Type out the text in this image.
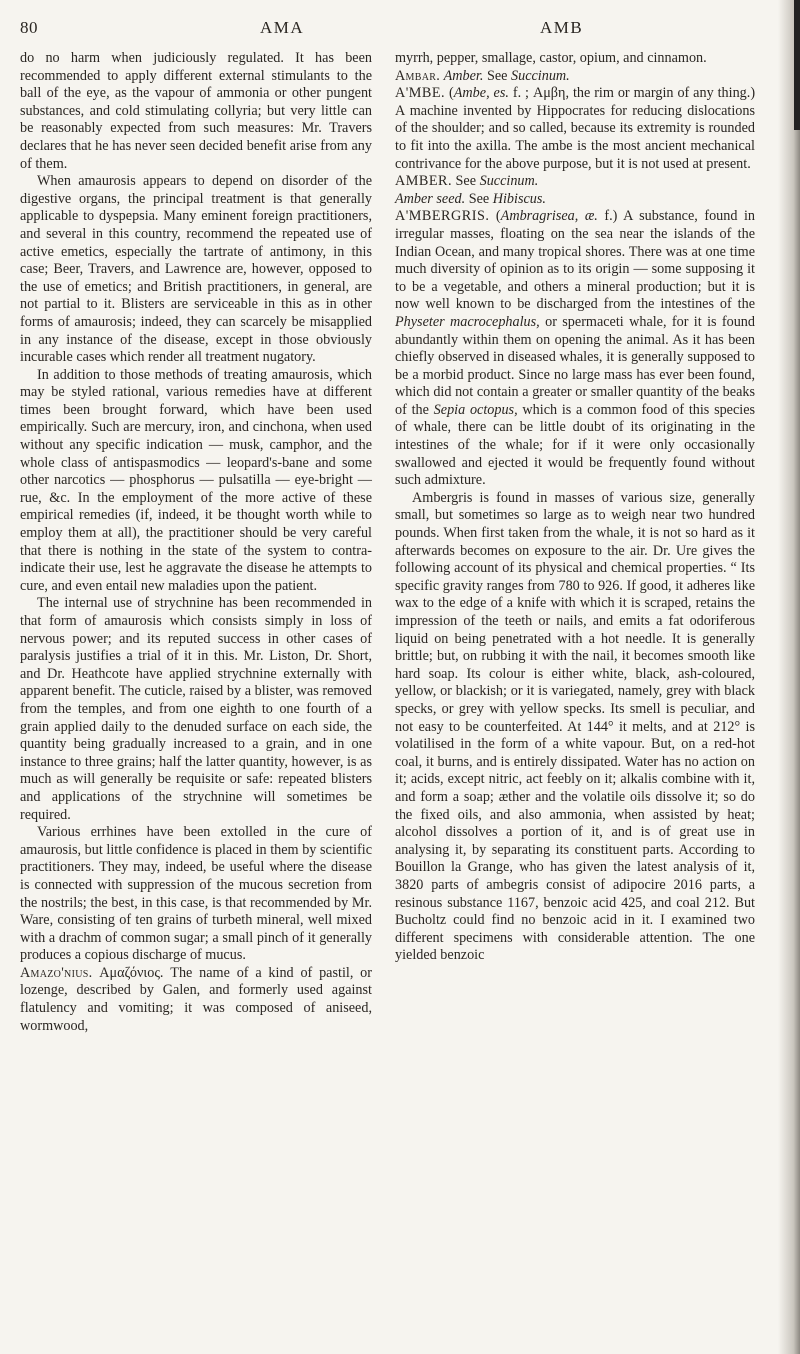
80	AMA	AMB

do no harm when judiciously regulated. It has been recommended to apply different external stimulants to the ball of the eye, as the vapour of ammonia or other pungent substances, and cold stimulating collyria; but very little can be reasonably expected from such measures: Mr. Travers declares that he has never seen decided benefit arise from any of them.

When amaurosis appears to depend on disorder of the digestive organs, the principal treatment is that generally applicable to dyspepsia. Many eminent foreign practitioners, and several in this country, recommend the repeated use of active emetics, especially the tartrate of antimony, in this case; Beer, Travers, and Lawrence are, however, opposed to the use of emetics; and British practitioners, in general, are not partial to it. Blisters are serviceable in this as in other forms of amaurosis; indeed, they can scarcely be misapplied in any instance of the disease, except in those obviously incurable cases which render all treatment nugatory.

In addition to those methods of treating amaurosis, which may be styled rational, various remedies have at different times been brought forward, which have been used empirically. Such are mercury, iron, and cinchona, when used without any specific indication — musk, camphor, and the whole class of antispasmodics — leopard's-bane and some other narcotics — phosphorus — pulsatilla — eye-bright — rue, &c. In the employment of the more active of these empirical remedies (if, indeed, it be thought worth while to employ them at all), the practitioner should be very careful that there is nothing in the state of the system to contra-indicate their use, lest he aggravate the disease he attempts to cure, and even entail new maladies upon the patient.

The internal use of strychnine has been recommended in that form of amaurosis which consists simply in loss of nervous power; and its reputed success in other cases of paralysis justifies a trial of it in this. Mr. Liston, Dr. Short, and Dr. Heathcote have applied strychnine externally with apparent benefit. The cuticle, raised by a blister, was removed from the temples, and from one eighth to one fourth of a grain applied daily to the denuded surface on each side, the quantity being gradually increased to a grain, and in one instance to three grains; half the latter quantity, however, is as much as will generally be requisite or safe: repeated blisters and applications of the strychnine will sometimes be required.

Various errhines have been extolled in the cure of amaurosis, but little confidence is placed in them by scientific practitioners. They may, indeed, be useful where the disease is connected with suppression of the mucous secretion from the nostrils; the best, in this case, is that recommended by Mr. Ware, consisting of ten grains of turbeth mineral, well mixed with a drachm of common sugar; a small pinch of it generally produces a copious discharge of mucus.

Amazo'nius. Αμαζόνιος. The name of a kind of pastil, or lozenge, described by Galen, and formerly used against flatulency and vomiting; it was composed of aniseed, wormwood,

myrrh, pepper, smallage, castor, opium, and cinnamon.

Ambar. Amber. See Succinum.

A'MBE. (Ambe, es. f. ; Αμβη, the rim or margin of any thing.) A machine invented by Hippocrates for reducing dislocations of the shoulder; and so called, because its extremity is rounded to fit into the axilla. The ambe is the most ancient mechanical contrivance for the above purpose, but it is not used at present.

AMBER. See Succinum.

Amber seed. See Hibiscus.

A'MBERGRIS. (Ambragrisea, æ. f.) A substance, found in irregular masses, floating on the sea near the islands of the Indian Ocean, and many tropical shores. There was at one time much diversity of opinion as to its origin — some supposing it to be a vegetable, and others a mineral production; but it is now well known to be discharged from the intestines of the Physeter macrocephalus, or spermaceti whale, for it is found abundantly within them on opening the animal. As it has been chiefly observed in diseased whales, it is generally supposed to be a morbid product. Since no large mass has ever been found, which did not contain a greater or smaller quantity of the beaks of the Sepia octopus, which is a common food of this species of whale, there can be little doubt of its originating in the intestines of the whale; for if it were only occasionally swallowed and ejected it would be frequently found without such admixture.

Ambergris is found in masses of various size, generally small, but sometimes so large as to weigh near two hundred pounds. When first taken from the whale, it is not so hard as it afterwards becomes on exposure to the air. Dr. Ure gives the following account of its physical and chemical properties. “ Its specific gravity ranges from 780 to 926. If good, it adheres like wax to the edge of a knife with which it is scraped, retains the impression of the teeth or nails, and emits a fat odoriferous liquid on being penetrated with a hot needle. It is generally brittle; but, on rubbing it with the nail, it becomes smooth like hard soap. Its colour is either white, black, ash-coloured, yellow, or blackish; or it is variegated, namely, grey with black specks, or grey with yellow specks. Its smell is peculiar, and not easy to be counterfeited. At 144° it melts, and at 212° is volatilised in the form of a white vapour. But, on a red-hot coal, it burns, and is entirely dissipated. Water has no action on it; acids, except nitric, act feebly on it; alkalis combine with it, and form a soap; æther and the volatile oils dissolve it; so do the fixed oils, and also ammonia, when assisted by heat; alcohol dissolves a portion of it, and is of great use in analysing it, by separating its constituent parts. According to Bouillon la Grange, who has given the latest analysis of it, 3820 parts of ambegris consist of adipocire 2016 parts, a resinous substance 1167, benzoic acid 425, and coal 212. But Bucholtz could find no benzoic acid in it. I examined two different specimens with considerable attention. The one yielded benzoic
